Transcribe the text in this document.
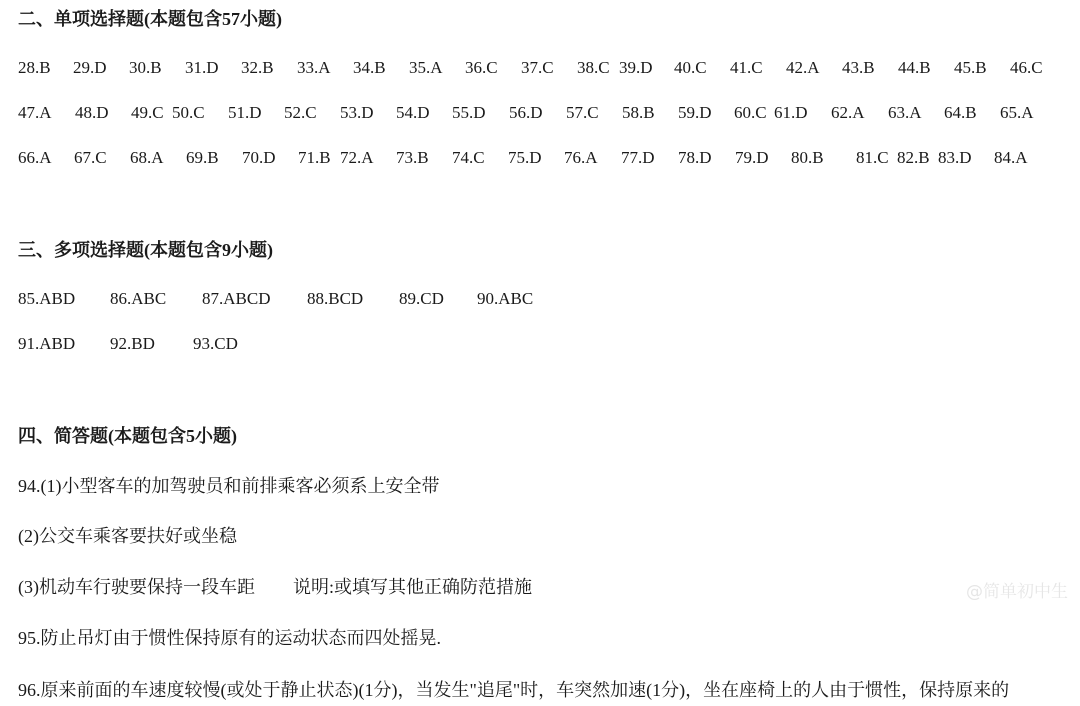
二、单项选择题(本题包含57小题)
28.B 29.D 30.B 31.D 32.B 33.A 34.B 35.A 36.C 37.C 38.C 39.D 40.C 41.C 42.A 43.B 44.B 45.B 46.C
47.A 48.D 49.C 50.C 51.D 52.C 53.D 54.D 55.D 56.D 57.C 58.B 59.D 60.C 61.D 62.A 63.A 64.B 65.A
66.A 67.C 68.A 69.B 70.D 71.B 72.A 73.B 74.C 75.D 76.A 77.D 78.D 79.D 80.B 81.C 82.B 83.D 84.A
三、多项选择题(本题包含9小题)
85.ABD 86.ABC 87.ABCD 88.BCD 89.CD 90.ABC
91.ABD 92.BD 93.CD
四、简答题(本题包含5小题)
94.(1)小型客车的加驾驶员和前排乘客必须系上安全带
(2)公交车乘客要扶好或坐稳
(3)机动车行驶要保持一段车距 说明:或填写其他正确防范措施
95.防止吊灯由于惯性保持原有的运动状态而四处摇晃.
96.原来前面的车速度较慢(或处于静止状态)(1分)，当发生"追尾"时，车突然加速(1分)，坐在座椅上的人由于惯性，保持原来的
@简单初中生
